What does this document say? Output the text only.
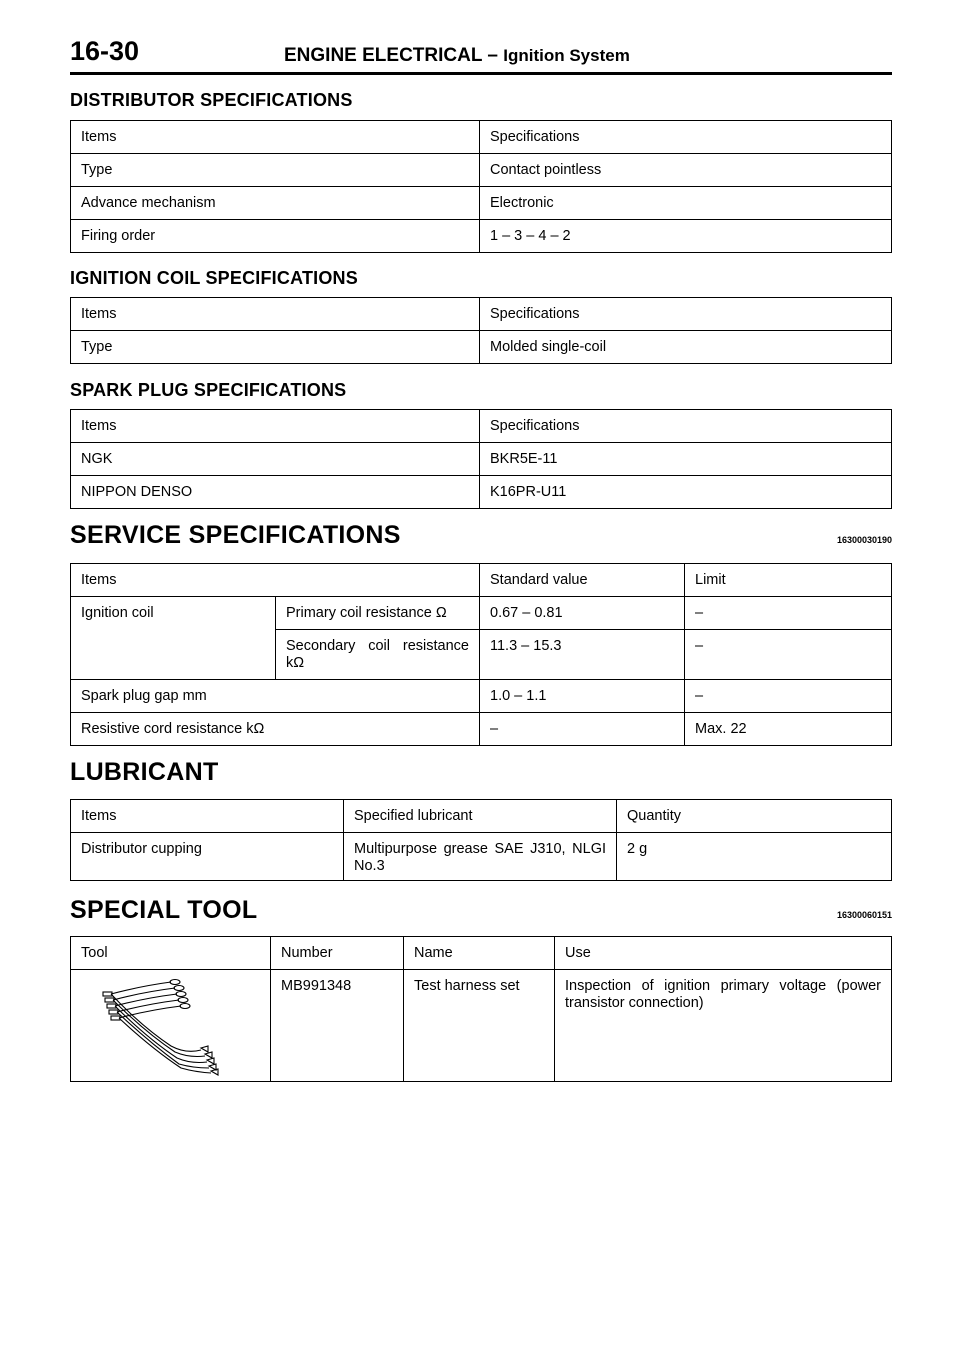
16-30	ENGINE ELECTRICAL – Ignition System
DISTRIBUTOR SPECIFICATIONS
Items	Specifications
Type	Contact pointless
Advance mechanism	Electronic
Firing order	1 – 3 – 4 – 2
IGNITION COIL SPECIFICATIONS
Items	Specifications
Type	Molded single-coil
SPARK PLUG SPECIFICATIONS
Items	Specifications
NGK	BKR5E-11
NIPPON DENSO	K16PR-U11
SERVICE SPECIFICATIONS	16300030190
Items		Standard value	Limit
Ignition coil	Primary coil resistance Ω	0.67 – 0.81	–
	Secondary coil resistance kΩ	11.3 – 15.3	–
Spark plug gap mm		1.0 – 1.1	–
Resistive cord resistance kΩ		–	Max. 22
LUBRICANT
Items	Specified lubricant	Quantity
Distributor cupping	Multipurpose grease SAE J310, NLGI No.3	2 g
SPECIAL TOOL	16300060151
Tool	Number	Name	Use

	MB991348	Test harness set	Inspection of ignition primary voltage (power transistor connection)
